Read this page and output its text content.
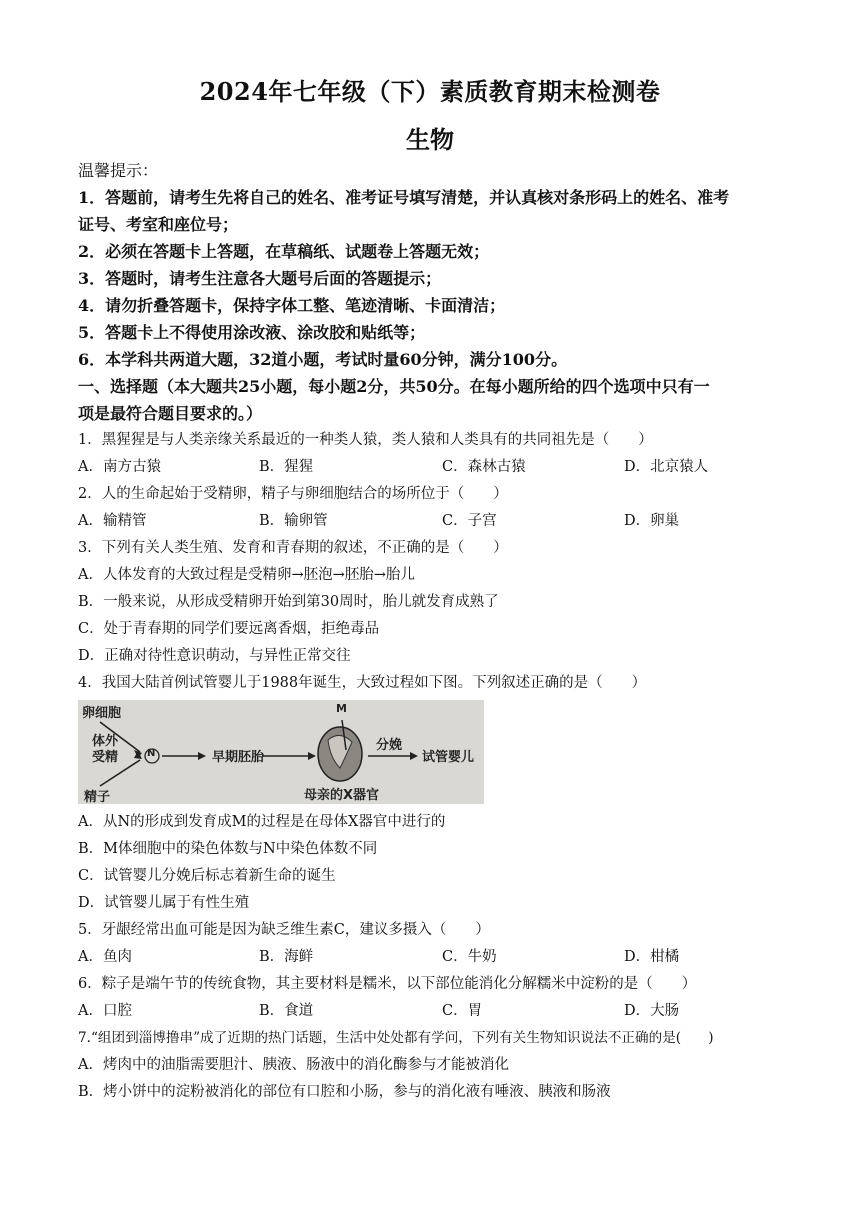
2024年七年级（下）素质教育期末检测卷
生物
温馨提示：
1．答题前，请考生先将自己的姓名、准考证号填写清楚，并认真核对条形码上的姓名、准考
证号、考室和座位号；
2．必须在答题卡上答题，在草稿纸、试题卷上答题无效；
3．答题时，请考生注意各大题号后面的答题提示；
4．请勿折叠答题卡，保持字体工整、笔迹清晰、卡面清洁；
5．答题卡上不得使用涂改液、涂改胶和贴纸等；
6．本学科共两道大题，32道小题，考试时量60分钟，满分100分。
一、选择题（本大题共25小题，每小题2分，共50分。在每小题所给的四个选项中只有一
项是最符合题目要求的。）
1．黑猩猩是与人类亲缘关系最近的一种类人猿，类人猿和人类具有的共同祖先是（　　）
A．南方古猿	B．猩猩	C．森林古猿	D．北京猿人
2．人的生命起始于受精卵，精子与卵细胞结合的场所位于（　　）
A．输精管	B．输卵管	C．子宫	D．卵巢
3．下列有关人类生殖、发育和青春期的叙述，不正确的是（　　）
A．人体发育的大致过程是受精卵→胚泡→胚胎→胎儿
B．一般来说，从形成受精卵开始到第30周时，胎儿就发育成熟了
C．处于青春期的同学们要远离香烟，拒绝毒品
D．正确对待性意识萌动，与异性正常交往
4．我国大陆首例试管婴儿于1988年诞生，大致过程如下图。下列叙述正确的是（　　）
卵细胞
体外
受精	N	早期胚胎
M
分娩
试管婴儿
母亲的X器官
精子
A．从N的形成到发育成M的过程是在母体X器官中进行的
B．M体细胞中的染色体数与N中染色体数不同
C．试管婴儿分娩后标志着新生命的诞生
D．试管婴儿属于有性生殖
5．牙龈经常出血可能是因为缺乏维生素C，建议多摄入（　　）
A．鱼肉	B．海鲜	C．牛奶	D．柑橘
6．粽子是端午节的传统食物，其主要材料是糯米，以下部位能消化分解糯米中淀粉的是（　　）
A．口腔	B．食道	C．胃	D．大肠
7.“组团到淄博撸串”成了近期的热门话题，生活中处处都有学问，下列有关生物知识说法不正确的是(　　)
A．烤肉中的油脂需要胆汁、胰液、肠液中的消化酶参与才能被消化
B．烤小饼中的淀粉被消化的部位有口腔和小肠，参与的消化液有唾液、胰液和肠液
